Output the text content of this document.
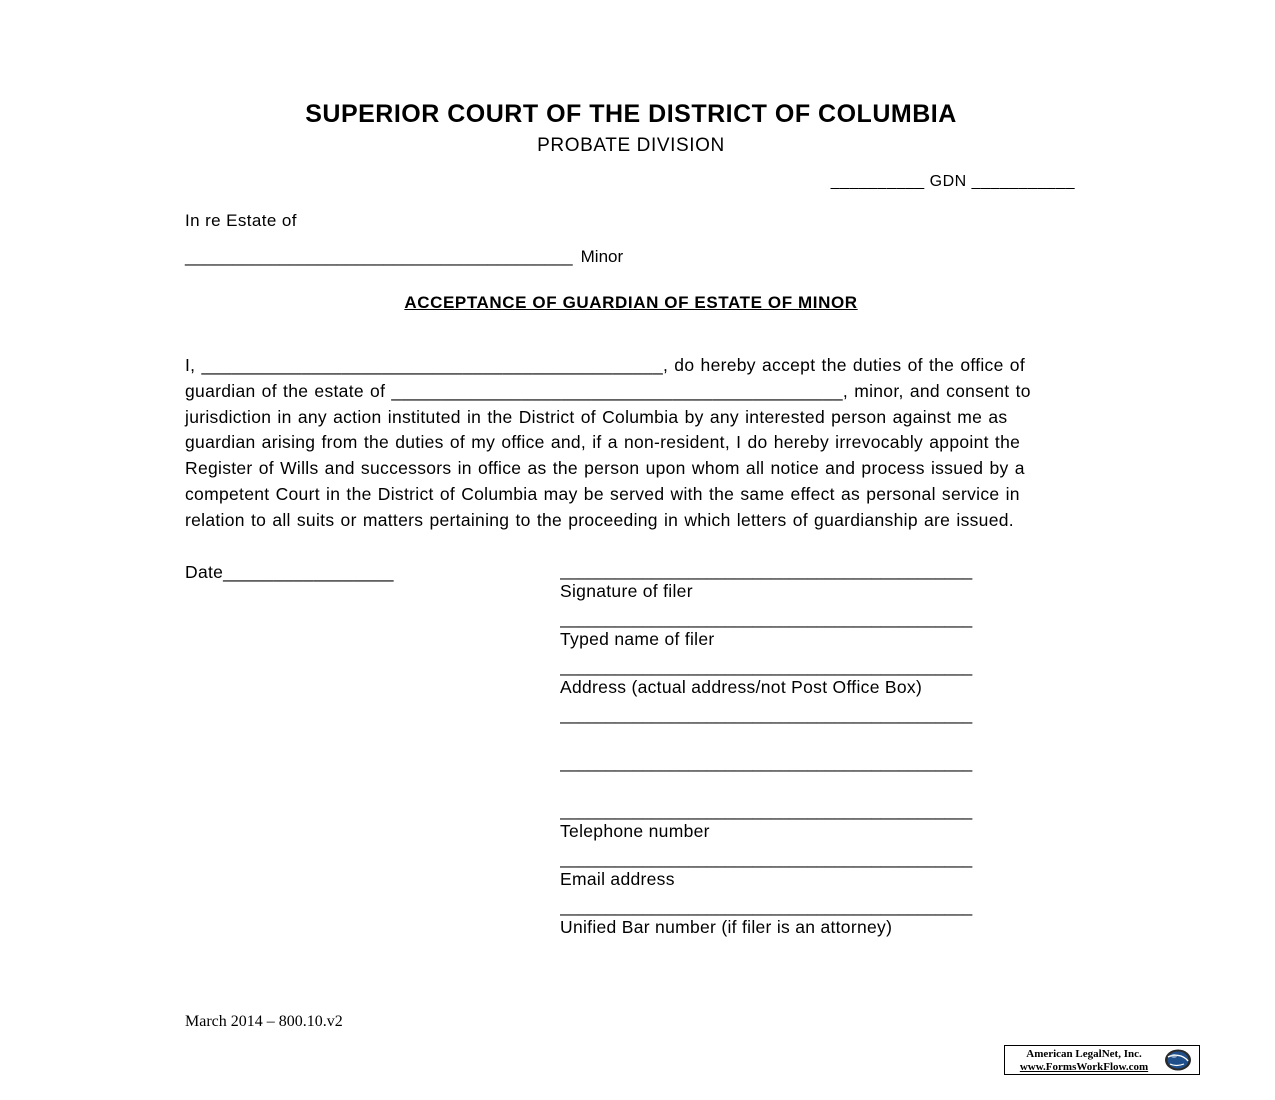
SUPERIOR COURT OF THE DISTRICT OF COLUMBIA
PROBATE DIVISION
__________ GDN ___________
In re Estate of
_________________________________________ Minor
ACCEPTANCE OF GUARDIAN OF ESTATE OF MINOR
I, ______________________________________________, do hereby accept the duties of the office of guardian of the estate of _____________________________________________, minor, and consent to jurisdiction in any action instituted in the District of Columbia by any interested person against me as guardian arising from the duties of my office and, if a non-resident, I do hereby irrevocably appoint the Register of Wills and successors in office as the person upon whom all notice and process issued by a competent Court in the District of Columbia may be served with the same effect as personal service in relation to all suits or matters pertaining to the proceeding in which letters of guardianship are issued.
Date_________________	_____________________________________________
Signature of filer
_____________________________________________
Typed name of filer
_____________________________________________
Address (actual address/not Post Office Box)
_____________________________________________
_____________________________________________
_____________________________________________
Telephone number
_____________________________________________
Email address
_____________________________________________
Unified Bar number (if filer is an attorney)
March 2014 – 800.10.v2
American LegalNet, Inc.
www.FormsWorkFlow.com
